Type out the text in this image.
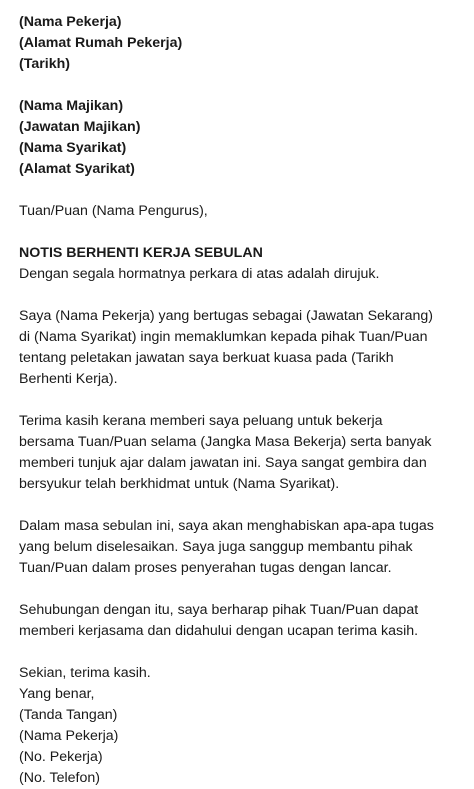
(Nama Pekerja)
(Alamat Rumah Pekerja)
(Tarikh)
(Nama Majikan)
(Jawatan Majikan)
(Nama Syarikat)
(Alamat Syarikat)
Tuan/Puan (Nama Pengurus),
NOTIS BERHENTI KERJA SEBULAN
Dengan segala hormatnya perkara di atas adalah dirujuk.
Saya (Nama Pekerja) yang bertugas sebagai (Jawatan Sekarang)
di (Nama Syarikat) ingin memaklumkan kepada pihak Tuan/Puan
tentang peletakan jawatan saya berkuat kuasa pada (Tarikh
Berhenti Kerja).
Terima kasih kerana memberi saya peluang untuk bekerja
bersama Tuan/Puan selama (Jangka Masa Bekerja) serta banyak
memberi tunjuk ajar dalam jawatan ini. Saya sangat gembira dan
bersyukur telah berkhidmat untuk (Nama Syarikat).
Dalam masa sebulan ini, saya akan menghabiskan apa-apa tugas
yang belum diselesaikan. Saya juga sanggup membantu pihak
Tuan/Puan dalam proses penyerahan tugas dengan lancar.
Sehubungan dengan itu, saya berharap pihak Tuan/Puan dapat
memberi kerjasama dan didahului dengan ucapan terima kasih.
Sekian, terima kasih.
Yang benar,
(Tanda Tangan)
(Nama Pekerja)
(No. Pekerja)
(No. Telefon)
